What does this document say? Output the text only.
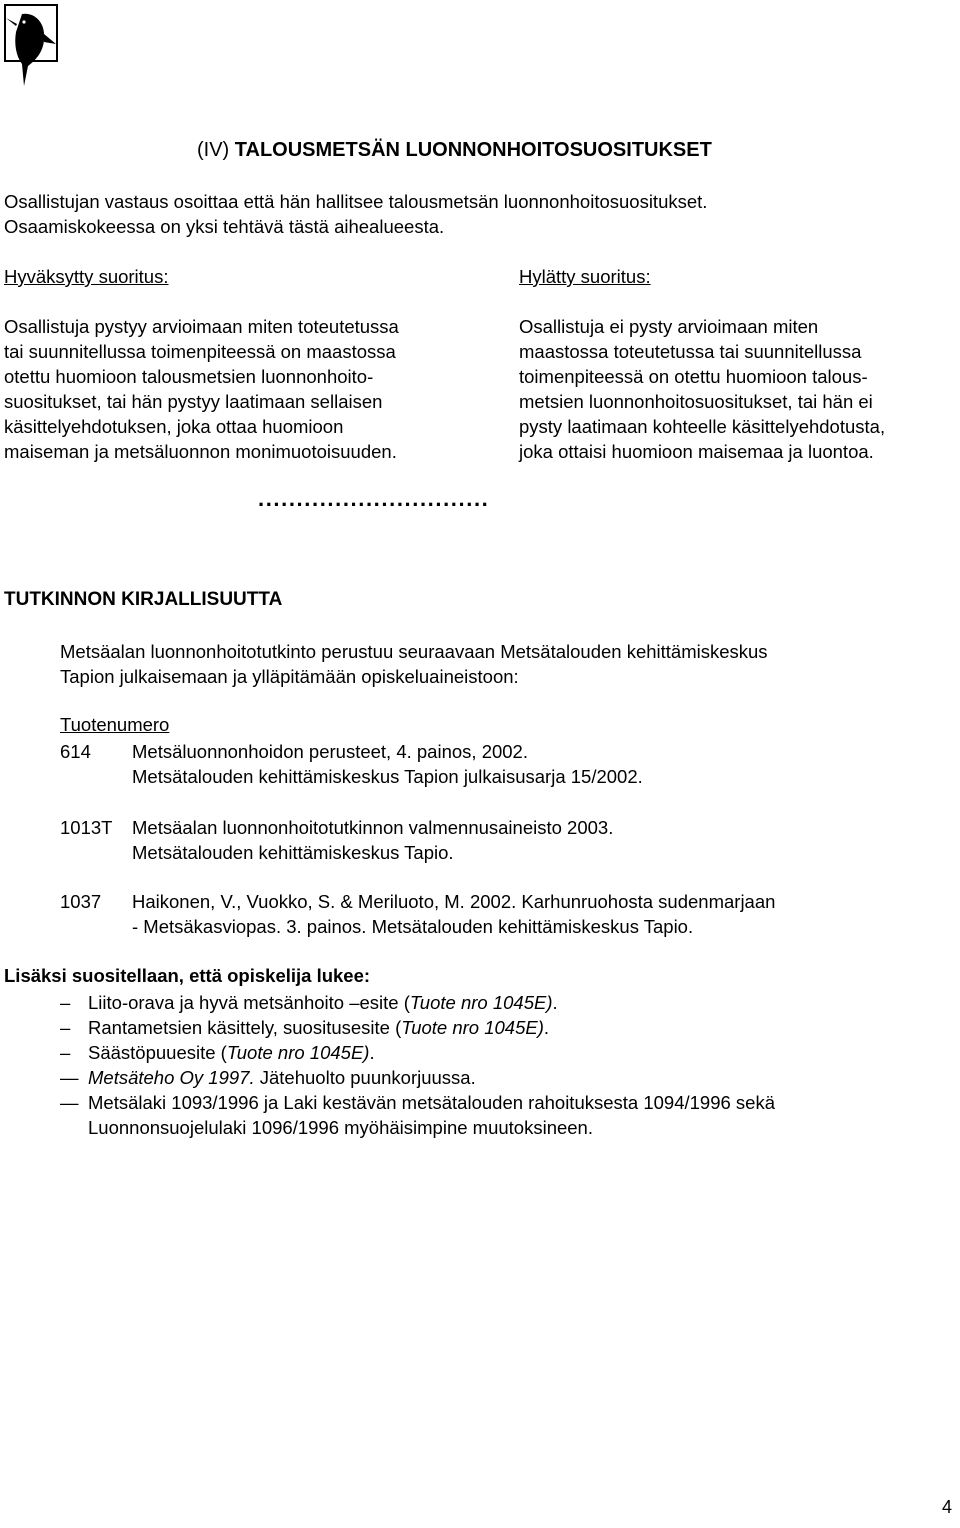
(IV) TALOUSMETSÄN LUONNONHOITOSUOSITUKSET
Osallistujan vastaus osoittaa että hän hallitsee talousmetsän luonnonhoitosuositukset.
Osaamiskokeessa on yksi tehtävä tästä aihealueesta.
Hyväksytty suoritus:
Osallistuja pystyy arvioimaan miten toteutetussa
tai suunnitellussa toimenpiteessä on maastossa
otettu huomioon talousmetsien luonnonhoito-
suositukset, tai hän pystyy laatimaan sellaisen
käsittelyehdotuksen, joka ottaa huomioon
maiseman ja metsäluonnon monimuotoisuuden.
Hylätty suoritus:
Osallistuja ei pysty arvioimaan miten
maastossa toteutetussa tai suunnitellussa
toimenpiteessä on otettu huomioon talous-
metsien luonnonhoitosuositukset, tai hän ei
pysty laatimaan kohteelle käsittelyehdotusta,
joka ottaisi huomioon maisemaa ja luontoa.
..............................
TUTKINNON KIRJALLISUUTTA
Metsäalan luonnonhoitotutkinto perustuu seuraavaan Metsätalouden kehittämiskeskus
Tapion julkaisemaan ja ylläpitämään opiskeluaineistoon:
Tuotenumero
614 Metsäluonnonhoidon perusteet, 4. painos, 2002.
Metsätalouden kehittämiskeskus Tapion julkaisusarja 15/2002.
1013T Metsäalan luonnonhoitotutkinnon valmennusaineisto 2003.
Metsätalouden kehittämiskeskus Tapio.
1037 Haikonen, V., Vuokko, S. & Meriluoto, M. 2002. Karhunruohosta sudenmarjaan
- Metsäkasviopas. 3. painos. Metsätalouden kehittämiskeskus Tapio.
Lisäksi suositellaan, että opiskelija lukee:
– Liito-orava ja hyvä metsänhoito –esite (Tuote nro 1045E).
– Rantametsien käsittely, suositusesite (Tuote nro 1045E).
– Säästöpuuesite (Tuote nro 1045E).
— Metsäteho Oy 1997. Jätehuolto puunkorjuussa.
— Metsälaki 1093/1996 ja Laki kestävän metsätalouden rahoituksesta 1094/1996 sekä
Luonnonsuojelulaki 1096/1996 myöhäisimpine muutoksineen.
4
